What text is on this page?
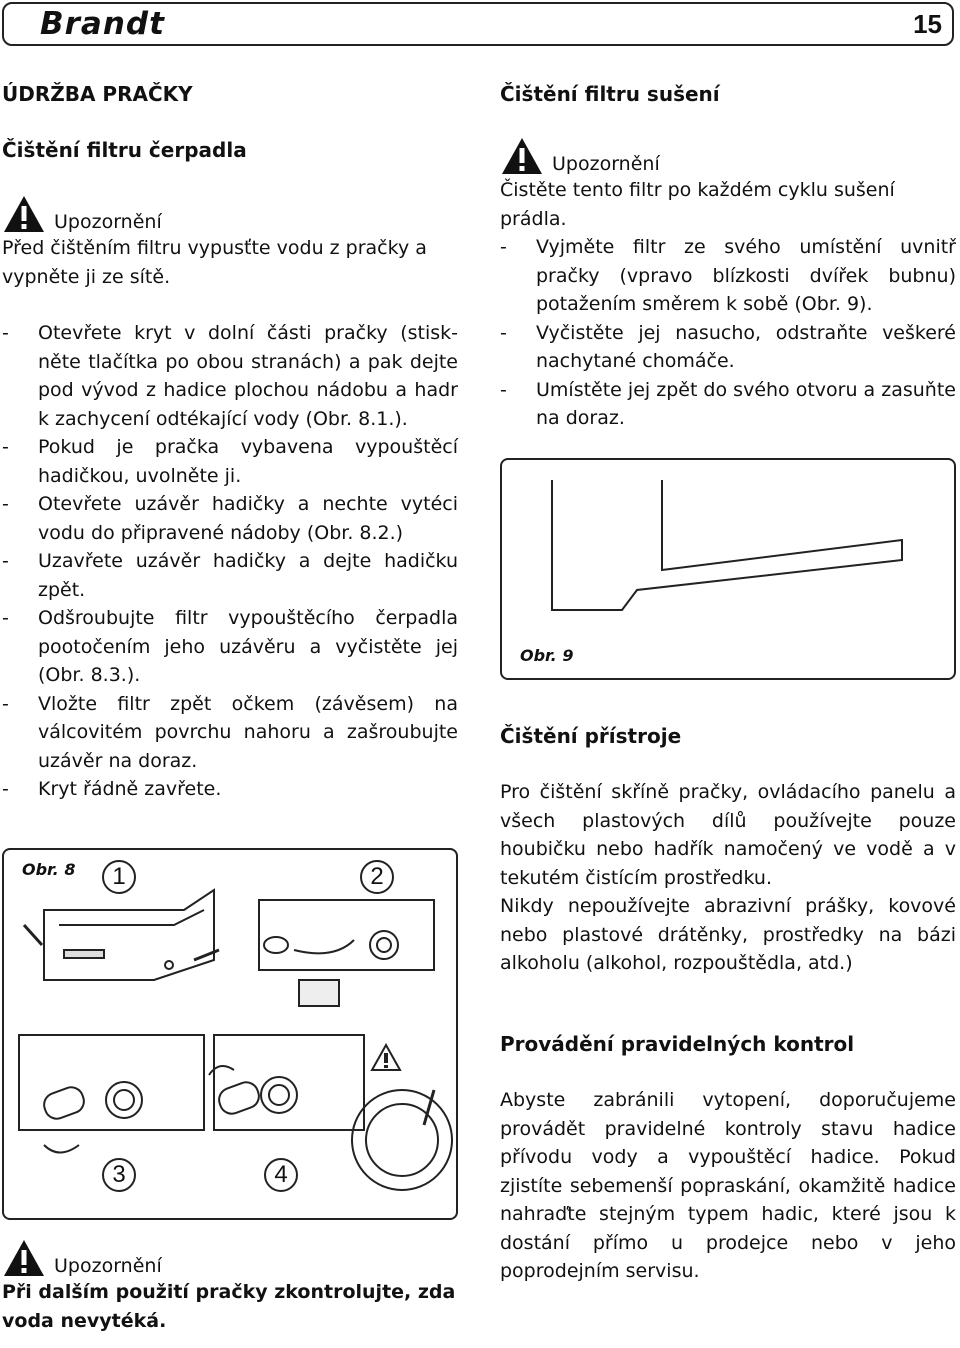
Brandt	15
ÚDRŽBA PRAČKY
Čištění filtru čerpadla
Upozornění

Před čištěním filtru vypusťte vodu z pračky a vypněte ji ze sítě.

- Otevřete kryt v dolní části pračky (stisk-něte tlačítka po obou stranách) a pak dejte pod vývod z hadice plochou nádobu a hadr k zachycení odtékající vody (Obr. 8.1.).
- Pokud je pračka vybavena vypouštěcí hadičkou, uvolněte ji.
- Otevřete uzávěr hadičky a nechte vytéci vodu do připravené nádoby (Obr. 8.2.)
- Uzavřete uzávěr hadičky a dejte hadičku zpět.
- Odšroubujte filtr vypouštěcího čerpadla pootočením jeho uzávěru a vyčistěte jej (Obr. 8.3.).
- Vložte filtr zpět očkem (závěsem) na válcovitém povrchu nahoru a zašroubujte uzávěr na doraz.
- Kryt řádně zavřete.
Obr. 8	1	2
3	4
Upozornění

Při dalším použití pračky zkontrolujte, zda voda nevytéká.

Čištění filtru sušení
Upozornění

Čistěte tento filtr po každém cyklu sušení prádla.

- Vyjměte filtr ze svého umístění uvnitř pračky (vpravo blízkosti dvířek bubnu) potažením směrem k sobě (Obr. 9).
- Vyčistěte jej nasucho, odstraňte veškeré nachytané chomáče.
- Umístěte jej zpět do svého otvoru a zasuňte na doraz.
Obr. 9
Čištění přístroje

Pro čištění skříně pračky, ovládacího panelu a všech plastových dílů používejte pouze houbičku nebo hadřík namočený ve vodě a v tekutém čistícím prostředku.

Nikdy nepoužívejte abrazivní prášky, kovové nebo plastové drátěnky, prostředky na bázi alkoholu (alkohol, rozpouštědla, atd.)

Provádění pravidelných kontrol

Abyste zabránili vytopení, doporučujeme provádět pravidelné kontroly stavu hadice přívodu vody a vypouštěcí hadice. Pokud zjistíte sebemenší popraskání, okamžitě hadice nahraďte stejným typem hadic, které jsou k dostání přímo u prodejce nebo v jeho poprodejním servisu.
